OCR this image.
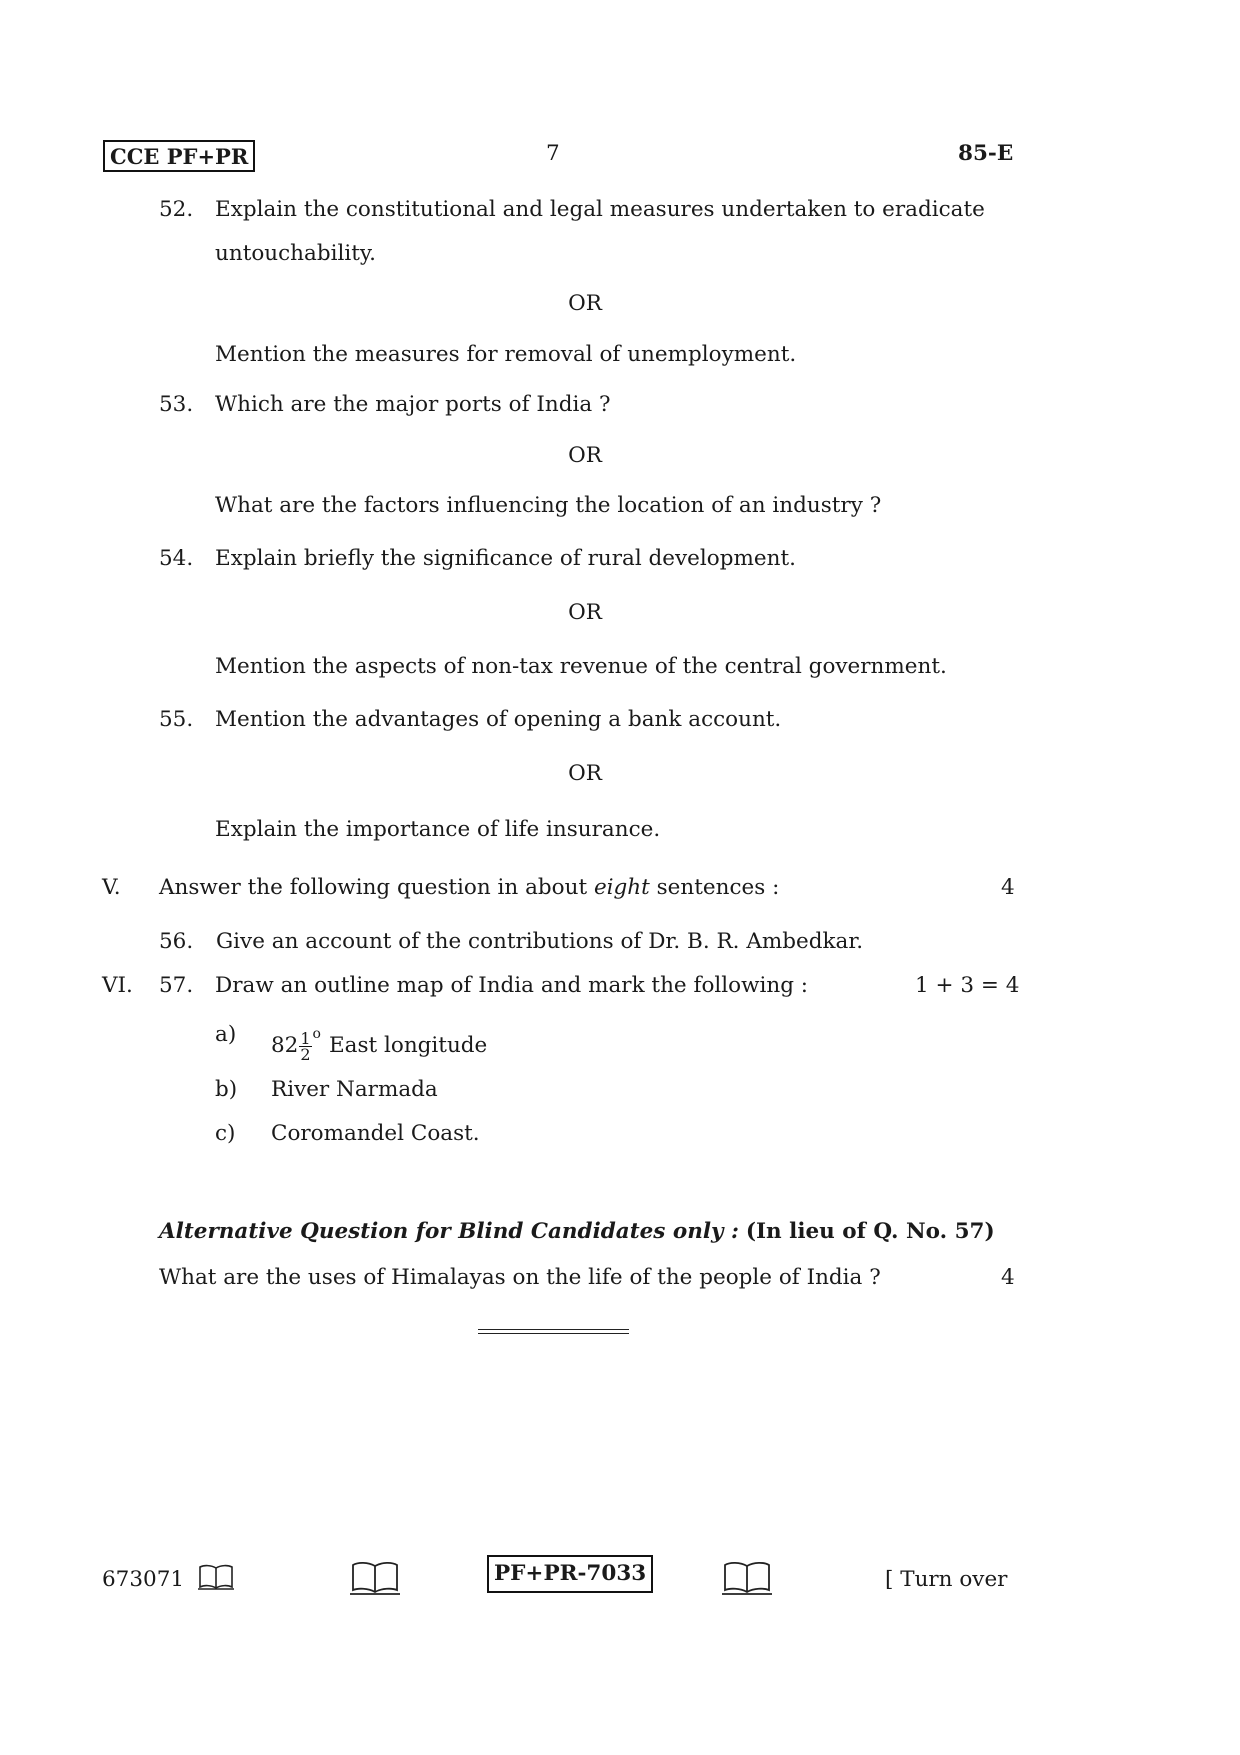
CCE PF+PR	7	85-E
52. Explain the constitutional and legal measures undertaken to eradicate
untouchability.
OR
Mention the measures for removal of unemployment.
53. Which are the major ports of India ?
OR
What are the factors influencing the location of an industry ?
54. Explain briefly the significance of rural development.
OR
Mention the aspects of non-tax revenue of the central government.
55. Mention the advantages of opening a bank account.
OR
Explain the importance of life insurance.
V. Answer the following question in about eight sentences :	4
56. Give an account of the contributions of Dr. B. R. Ambedkar.
VI. 57. Draw an outline map of India and mark the following :	1 + 3 = 4
a) $82 \frac{1}{2} ^o$ East longitude
b) River Narmada
c) Coromandel Coast.
Alternative Question for Blind Candidates only : (In lieu of Q. No. 57)
What are the uses of Himalayas on the life of the people of India ?	4
673071	PF+PR-7033	[ Turn over
